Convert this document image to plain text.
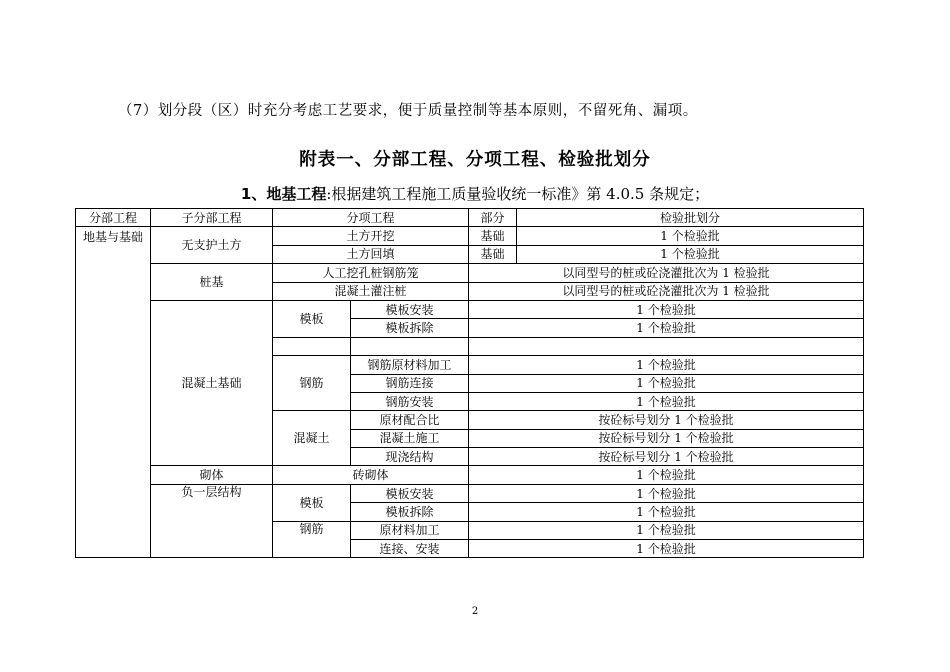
（7）划分段（区）时充分考虑工艺要求，便于质量控制等基本原则，不留死角、漏项。
附表一、分部工程、分项工程、检验批划分
1、地基工程:根据建筑工程施工质量验收统一标准》第 4.0.5 条规定；
分部工程	子分部工程	分项工程		部分	检验批划分
地基与基础	无支护土方	土方开挖		基础	1 个检验批
		土方回填		基础	1 个检验批
	桩基	人工挖孔桩钢筋笼		以同型号的桩或砼浇灌批次为 1 检验批	
		混凝土灌注桩		以同型号的桩或砼浇灌批次为 1 检验批	
	混凝土基础	模板	模板安装	1 个检验批	
			模板拆除	1 个检验批	

		钢筋	钢筋原材料加工	1 个检验批	
			钢筋连接	1 个检验批	
			钢筋安装	1 个检验批	
		混凝土	原材配合比	按砼标号划分 1 个检验批	
			混凝土施工	按砼标号划分 1 个检验批	
			现浇结构	按砼标号划分 1 个检验批	
	砌体	砖砌体		1 个检验批	
	负一层结构	模板	模板安装	1 个检验批	
			模板拆除	1 个检验批	
		钢筋	原材料加工	1 个检验批	
			连接、安装	1 个检验批	
2
